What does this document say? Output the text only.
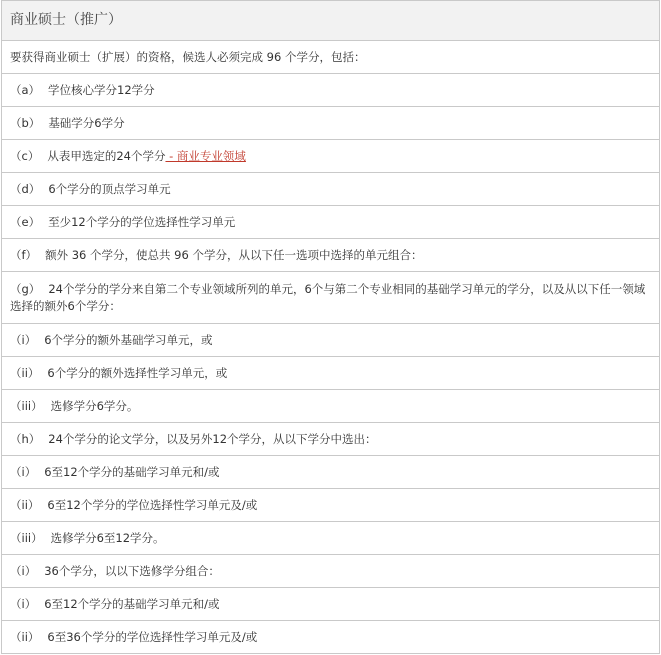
商业硕士（推广）
要获得商业硕士（扩展）的资格，候选人必须完成 96 个学分，包括：
（a） 学位核心学分12学分
（b） 基础学分6学分
（c） 从表甲选定的24个学分 - 商业专业领域
（d） 6个学分的顶点学习单元
（e） 至少12个学分的学位选择性学习单元
（f） 额外 36 个学分，使总共 96 个学分，从以下任一选项中选择的单元组合：
（g） 24个学分的学分来自第二个专业领域所列的单元，6个与第二个专业相同的基础学习单元的学分，以及从以下任一领域选择的额外6个学分：
（i） 6个学分的额外基础学习单元，或
（ii） 6个学分的额外选择性学习单元，或
（iii） 选修学分6学分。
（h） 24个学分的论文学分，以及另外12个学分，从以下学分中选出：
（i） 6至12个学分的基础学习单元和/或
（ii） 6至12个学分的学位选择性学习单元及/或
（iii） 选修学分6至12学分。
（i） 36个学分，以以下选修学分组合：
（i） 6至12个学分的基础学习单元和/或
（ii） 6至36个学分的学位选择性学习单元及/或
